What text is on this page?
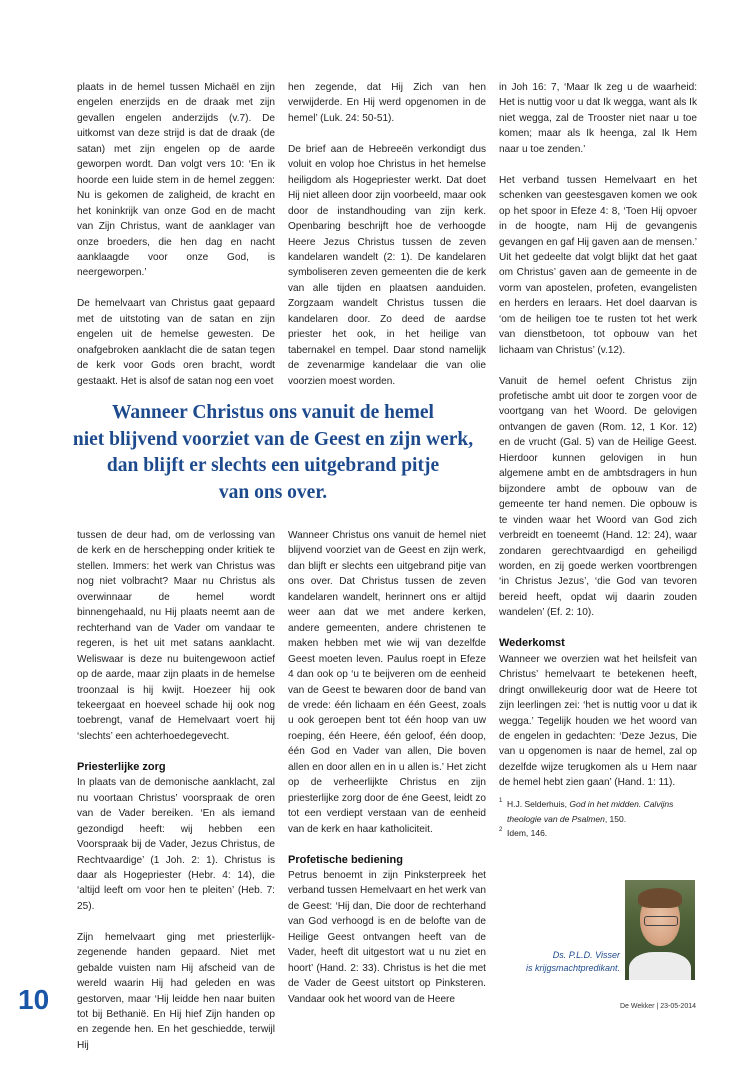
plaats in de hemel tussen Michaël en zijn engelen enerzijds en de draak met zijn gevallen engelen anderzijds (v.7). De uitkomst van deze strijd is dat de draak (de satan) met zijn engelen op de aarde geworpen wordt. Dan volgt vers 10: ‘En ik hoorde een luide stem in de hemel zeggen: Nu is gekomen de zaligheid, de kracht en het koninkrijk van onze God en de macht van Zijn Christus, want de aanklager van onze broeders, die hen dag en nacht aanklaagde voor onze God, is neergeworpen.’

De hemelvaart van Christus gaat gepaard met de uitstoting van de satan en zijn engelen uit de hemelse gewesten. De onafgebroken aanklacht die de satan tegen de kerk voor Gods oren bracht, wordt gestaakt. Het is alsof de satan nog een voet

hen zegende, dat Hij Zich van hen verwijderde. En Hij werd opgenomen in de hemel’ (Luk. 24: 50-51).

De brief aan de Hebreeën verkondigt dus voluit en volop hoe Christus in het hemelse heiligdom als Hogepriester werkt. Dat doet Hij niet alleen door zijn voorbeeld, maar ook door de instandhouding van zijn kerk. Openbaring beschrijft hoe de verhoogde Heere Jezus Christus tussen de zeven kandelaren wandelt (2: 1). De kandelaren symboliseren zeven gemeenten die de kerk van alle tijden en plaatsen aanduiden. Zorgzaam wandelt Christus tussen die kandelaren door. Zo deed de aardse priester het ook, in het heilige van tabernakel en tempel. Daar stond namelijk de zevenarmige kandelaar die van olie voorzien moest worden.

in Joh 16: 7, ‘Maar Ik zeg u de waarheid: Het is nuttig voor u dat Ik wegga, want als Ik niet wegga, zal de Trooster niet naar u toe komen; maar als Ik heenga, zal Ik Hem naar u toe zenden.’

Het verband tussen Hemelvaart en het schenken van geestesgaven komen we ook op het spoor in Efeze 4: 8, ‘Toen Hij opvoer in de hoogte, nam Hij de gevangenis gevangen en gaf Hij gaven aan de mensen.’ Uit het gedeelte dat volgt blijkt dat het gaat om Christus’ gaven aan de gemeente in de vorm van apostelen, profeten, evangelisten en herders en leraars. Het doel daarvan is ‘om de heiligen toe te rusten tot het werk van dienstbetoon, tot opbouw van het lichaam van Christus’ (v.12).

Vanuit de hemel oefent Christus zijn profetische ambt uit door te zorgen voor de voortgang van het Woord. De gelovigen ontvangen de gaven (Rom. 12, 1 Kor. 12) en de vrucht (Gal. 5) van de Heilige Geest. Hierdoor kunnen gelovigen in hun algemene ambt en de ambtsdragers in hun bijzondere ambt de opbouw van de gemeente ter hand nemen. Die opbouw is te vinden waar het Woord van God zich verbreidt en toeneemt (Hand. 12: 24), waar zondaren gerechtvaardigd en geheiligd worden, en zij goede werken voortbrengen ‘in Christus Jezus’, ‘die God van tevoren bereid heeft, opdat wij daarin zouden wandelen’ (Ef. 2: 10).

Wederkomst

Wanneer we overzien wat het heilsfeit van Christus’ hemelvaart te betekenen heeft, dringt onwillekeurig door wat de Heere tot zijn leerlingen zei: ‘het is nuttig voor u dat ik wegga.’ Tegelijk houden we het woord van de engelen in gedachten: ‘Deze Jezus, Die van u opgenomen is naar de hemel, zal op dezelfde wijze terugkomen als u Hem naar de hemel hebt zien gaan’ (Hand. 1: 11).

Wanneer Christus ons vanuit de hemel
niet blijvend voorziet van de Geest en zijn werk,
dan blijft er slechts een uitgebrand pitje
van ons over.

tussen de deur had, om de verlossing van de kerk en de herschepping onder kritiek te stellen. Immers: het werk van Christus was nog niet volbracht? Maar nu Christus als overwinnaar de hemel wordt binnengehaald, nu Hij plaats neemt aan de rechterhand van de Vader om vandaar te regeren, is het uit met satans aanklacht. Weliswaar is deze nu buitengewoon actief op de aarde, maar zijn plaats in de hemelse troonzaal is hij kwijt. Hoezeer hij ook tekeergaat en hoeveel schade hij ook nog toebrengt, vanaf de Hemelvaart voert hij ‘slechts’ een achterhoedegevecht.

Priesterlijke zorg

In plaats van de demonische aanklacht, zal nu voortaan Christus’ voorspraak de oren van de Vader bereiken. ‘En als iemand gezondigd heeft: wij hebben een Voorspraak bij de Vader, Jezus Christus, de Rechtvaardige’ (1 Joh. 2: 1). Christus is daar als Hogepriester (Hebr. 4: 14), die ‘altijd leeft om voor hen te pleiten’ (Heb. 7: 25).

Zijn hemelvaart ging met priesterlijk-zegenende handen gepaard. Niet met gebalde vuisten nam Hij afscheid van de wereld waarin Hij had geleden en was gestorven, maar ‘Hij leidde hen naar buiten tot bij Bethanië. En Hij hief Zijn handen op en zegende hen. En het geschiedde, terwijl Hij

Wanneer Christus ons vanuit de hemel niet blijvend voorziet van de Geest en zijn werk, dan blijft er slechts een uitgebrand pitje van ons over. Dat Christus tussen de zeven kandelaren wandelt, herinnert ons er altijd weer aan dat we met andere kerken, andere gemeenten, andere christenen te maken hebben met wie wij van dezelfde Geest moeten leven. Paulus roept in Efeze 4 dan ook op ‘u te beijveren om de eenheid van de Geest te bewaren door de band van de vrede: één lichaam en één Geest, zoals u ook geroepen bent tot één hoop van uw roeping, één Heere, één geloof, één doop, één God en Vader van allen, Die boven allen en door allen en in u allen is.’ Het zicht op de verheerlijkte Christus en zijn priesterlijke zorg door de éne Geest, leidt zo tot een verdiept verstaan van de eenheid van de kerk en haar katholiciteit.

Profetische bediening

Petrus benoemt in zijn Pinksterpreek het verband tussen Hemelvaart en het werk van de Geest: ‘Hij dan, Die door de rechterhand van God verhoogd is en de belofte van de Heilige Geest ontvangen heeft van de Vader, heeft dit uitgestort wat u nu ziet en hoort’ (Hand. 2: 33). Christus is het die met de Vader de Geest uitstort op Pinksteren. Vandaar ook het woord van de Heere

1 H.J. Selderhuis, God in het midden. Calvijns theologie van de Psalmen, 150.
2 Idem, 146.
Ds. P.L.D. Visser
is krijgsmachtpredikant.
10	De Wekker | 23-05-2014
